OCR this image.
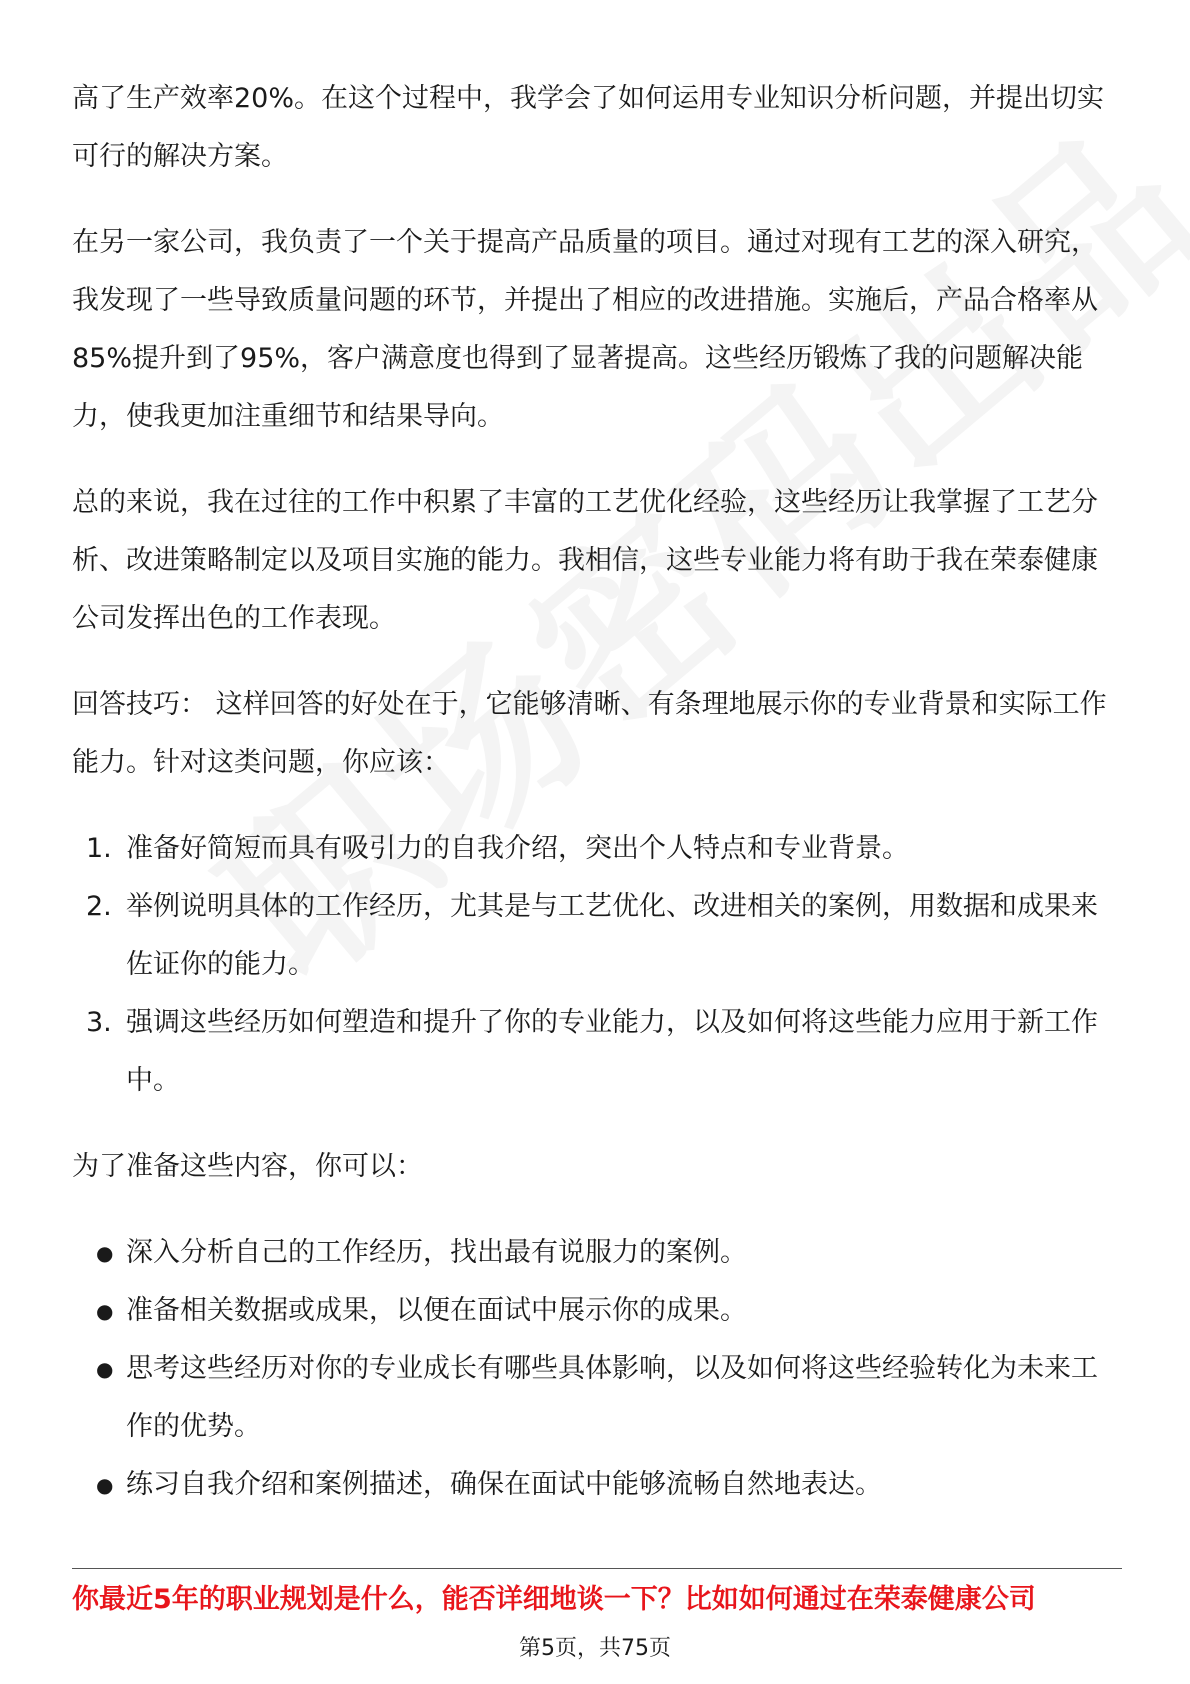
高了生产效率20%。在这个过程中，我学会了如何运用专业知识分析问题，并提出切实可行的解决方案。

在另一家公司，我负责了一个关于提高产品质量的项目。通过对现有工艺的深入研究，我发现了一些导致质量问题的环节，并提出了相应的改进措施。实施后，产品合格率从85%提升到了95%，客户满意度也得到了显著提高。这些经历锻炼了我的问题解决能力，使我更加注重细节和结果导向。

总的来说，我在过往的工作中积累了丰富的工艺优化经验，这些经历让我掌握了工艺分析、改进策略制定以及项目实施的能力。我相信，这些专业能力将有助于我在荣泰健康公司发挥出色的工作表现。

回答技巧： 这样回答的好处在于，它能够清晰、有条理地展示你的专业背景和实际工作能力。针对这类问题，你应该：

1. 准备好简短而具有吸引力的自我介绍，突出个人特点和专业背景。
2. 举例说明具体的工作经历，尤其是与工艺优化、改进相关的案例，用数据和成果来佐证你的能力。
3. 强调这些经历如何塑造和提升了你的专业能力，以及如何将这些能力应用于新工作中。

为了准备这些内容，你可以：

● 深入分析自己的工作经历，找出最有说服力的案例。
● 准备相关数据或成果，以便在面试中展示你的成果。
● 思考这些经历对你的专业成长有哪些具体影响，以及如何将这些经验转化为未来工作的优势。
● 练习自我介绍和案例描述，确保在面试中能够流畅自然地表达。
你最近5年的职业规划是什么，能否详细地谈一下？比如如何通过在荣泰健康公司
第5页，共75页
